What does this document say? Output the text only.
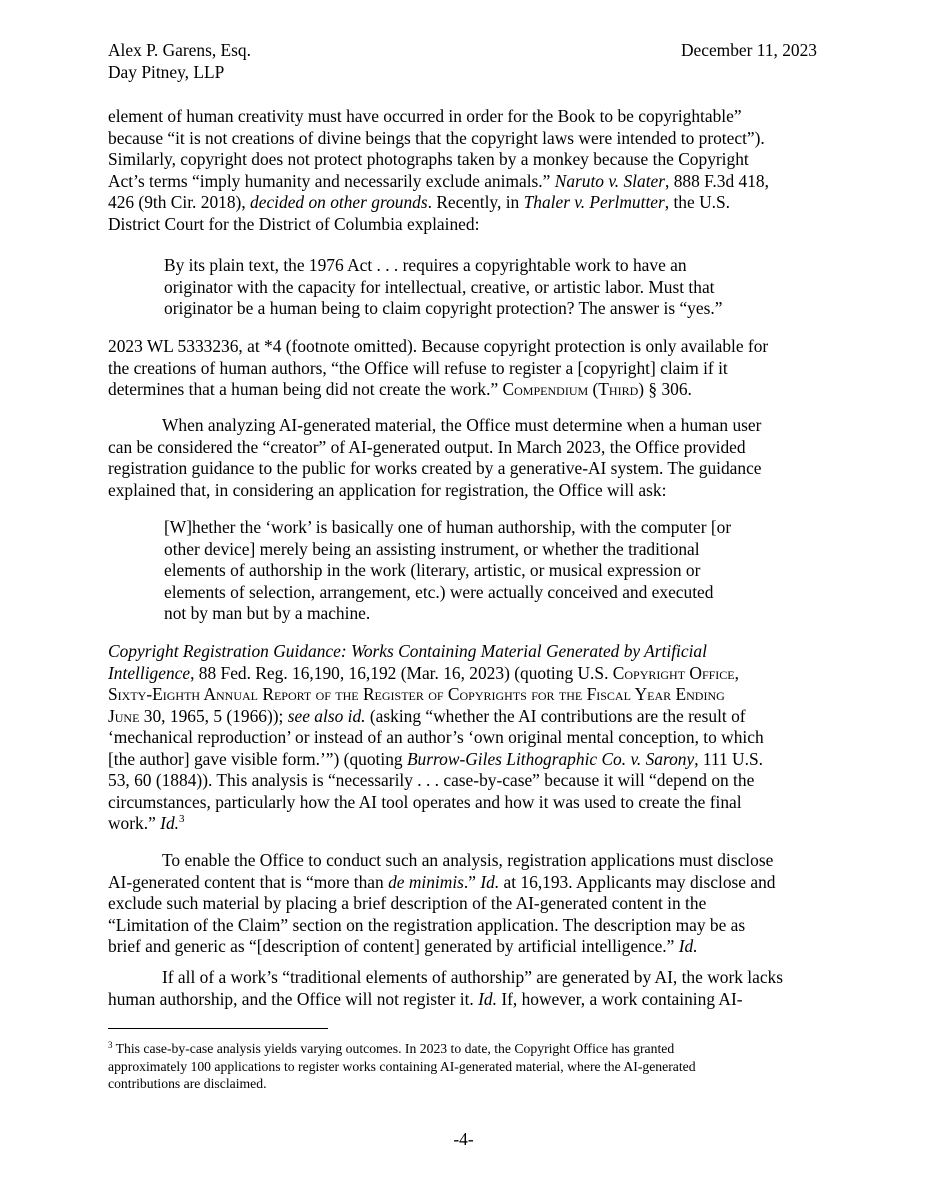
Alex P. Garens, Esq.
Day Pitney, LLP
December 11, 2023
element of human creativity must have occurred in order for the Book to be copyrightable”
because “it is not creations of divine beings that the copyright laws were intended to protect”).
Similarly, copyright does not protect photographs taken by a monkey because the Copyright
Act’s terms “imply humanity and necessarily exclude animals.” Naruto v. Slater, 888 F.3d 418,
426 (9th Cir. 2018), decided on other grounds. Recently, in Thaler v. Perlmutter, the U.S.
District Court for the District of Columbia explained:
By its plain text, the 1976 Act . . . requires a copyrightable work to have an
originator with the capacity for intellectual, creative, or artistic labor. Must that
originator be a human being to claim copyright protection? The answer is “yes.”
2023 WL 5333236, at *4 (footnote omitted). Because copyright protection is only available for
the creations of human authors, “the Office will refuse to register a [copyright] claim if it
determines that a human being did not create the work.” Compendium (Third) § 306.
When analyzing AI-generated material, the Office must determine when a human user
can be considered the “creator” of AI-generated output. In March 2023, the Office provided
registration guidance to the public for works created by a generative-AI system. The guidance
explained that, in considering an application for registration, the Office will ask:
[W]hether the ‘work’ is basically one of human authorship, with the computer [or
other device] merely being an assisting instrument, or whether the traditional
elements of authorship in the work (literary, artistic, or musical expression or
elements of selection, arrangement, etc.) were actually conceived and executed
not by man but by a machine.
Copyright Registration Guidance: Works Containing Material Generated by Artificial
Intelligence, 88 Fed. Reg. 16,190, 16,192 (Mar. 16, 2023) (quoting U.S. Copyright Office,
Sixty-Eighth Annual Report of the Register of Copyrights for the Fiscal Year Ending
June 30, 1965, 5 (1966)); see also id. (asking “whether the AI contributions are the result of
‘mechanical reproduction’ or instead of an author’s ‘own original mental conception, to which
[the author] gave visible form.’”) (quoting Burrow-Giles Lithographic Co. v. Sarony, 111 U.S.
53, 60 (1884)). This analysis is “necessarily . . . case-by-case” because it will “depend on the
circumstances, particularly how the AI tool operates and how it was used to create the final
work.” Id.$^3$
To enable the Office to conduct such an analysis, registration applications must disclose
AI-generated content that is “more than de minimis.” Id. at 16,193. Applicants may disclose and
exclude such material by placing a brief description of the AI-generated content in the
“Limitation of the Claim” section on the registration application. The description may be as
brief and generic as “[description of content] generated by artificial intelligence.” Id.
If all of a work’s “traditional elements of authorship” are generated by AI, the work lacks
human authorship, and the Office will not register it. Id. If, however, a work containing AI-
$^3$ This case-by-case analysis yields varying outcomes. In 2023 to date, the Copyright Office has granted
approximately 100 applications to register works containing AI-generated material, where the AI-generated
contributions are disclaimed.
-4-
